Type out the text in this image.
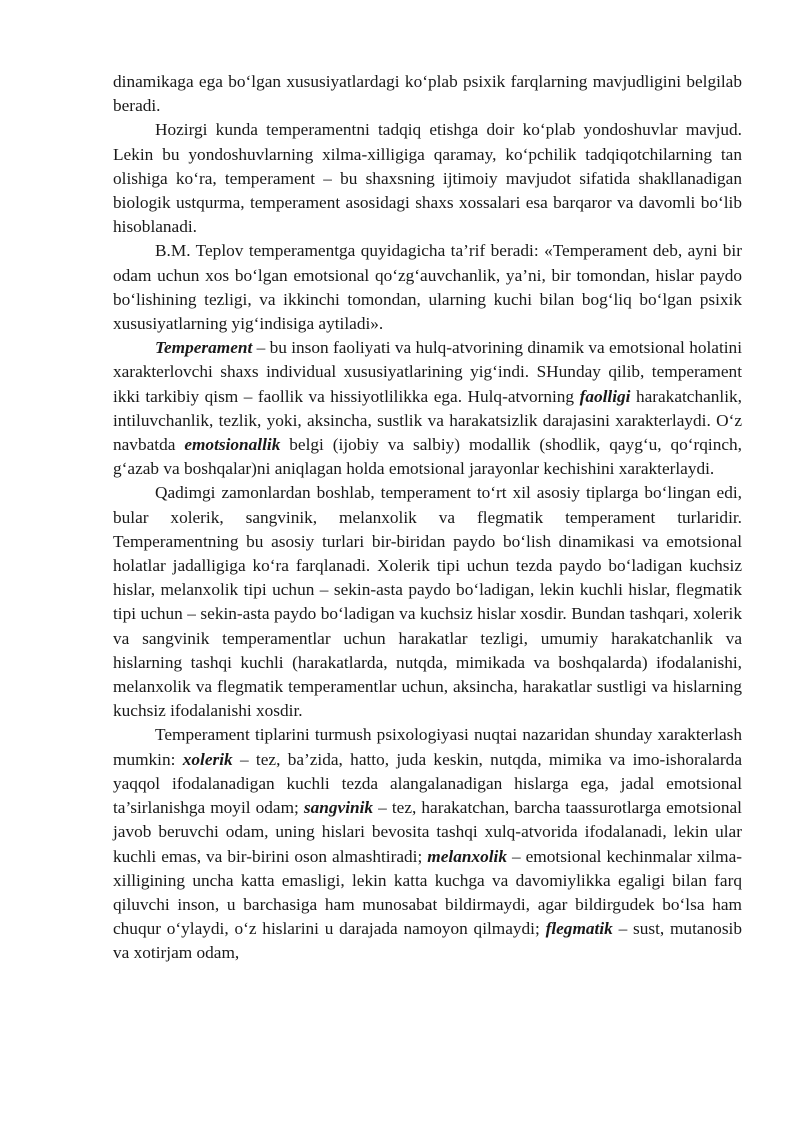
dinamikaga ega bo‘lgan xususiyatlardagi ko‘plab psixik farqlarning mavjudligini belgilab beradi.

Hozirgi kunda temperamentni tadqiq etishga doir ko‘plab yondoshuvlar mavjud. Lekin bu yondoshuvlarning xilma-xilligiga qaramay, ko‘pchilik tadqiqotchilarning tan olishiga ko‘ra, temperament – bu shaxsning ijtimoiy mavjudot sifatida shakllanadigan biologik ustqurma, temperament asosidagi shaxs xossalari esa barqaror va davomli bo‘lib hisoblanadi.

B.M. Teplov temperamentga quyidagicha ta’rif beradi: «Temperament deb, ayni bir odam uchun xos bo‘lgan emotsional qo‘zg‘auvchanlik, ya’ni, bir tomondan, hislar paydo bo‘lishining tezligi, va ikkinchi tomondan, ularning kuchi bilan bog‘liq bo‘lgan psixik xususiyatlarning yig‘indisiga aytiladi».

Temperament – bu inson faoliyati va hulq-atvorining dinamik va emotsional holatini xarakterlovchi shaxs individual xususiyatlarining yig‘indi. SHunday qilib, temperament ikki tarkibiy qism – faollik va hissiyotlilikka ega. Hulq-atvorning faolligi harakatchanlik, intiluvchanlik, tezlik, yoki, aksincha, sustlik va harakatsizlik darajasini xarakterlaydi. O‘z navbatda emotsionallik belgi (ijobiy va salbiy) modallik (shodlik, qayg‘u, qo‘rqinch, g‘azab va boshqalar)ni aniqlagan holda emotsional jarayonlar kechishini xarakterlaydi.

Qadimgi zamonlardan boshlab, temperament to‘rt xil asosiy tiplarga bo‘lingan edi, bular xolerik, sangvinik, melanxolik va flegmatik temperament turlaridir. Temperamentning bu asosiy turlari bir-biridan paydo bo‘lish dinamikasi va emotsional holatlar jadalligiga ko‘ra farqlanadi. Xolerik tipi uchun tezda paydo bo‘ladigan kuchsiz hislar, melanxolik tipi uchun – sekin-asta paydo bo‘ladigan, lekin kuchli hislar, flegmatik tipi uchun – sekin-asta paydo bo‘ladigan va kuchsiz hislar xosdir. Bundan tashqari, xolerik va sangvinik temperamentlar uchun harakatlar tezligi, umumiy harakatchanlik va hislarning tashqi kuchli (harakatlarda, nutqda, mimikada va boshqalarda) ifodalanishi, melanxolik va flegmatik temperamentlar uchun, aksincha, harakatlar sustligi va hislarning kuchsiz ifodalanishi xosdir.

Temperament tiplarini turmush psixologiyasi nuqtai nazaridan shunday xarakterlash mumkin: xolerik – tez, ba’zida, hatto, juda keskin, nutqda, mimika va imo-ishoralarda yaqqol ifodalanadigan kuchli tezda alangalanadigan hislarga ega, jadal emotsional ta’sirlanishga moyil odam; sangvinik – tez, harakatchan, barcha taassurotlarga emotsional javob beruvchi odam, uning hislari bevosita tashqi xulq-atvorida ifodalanadi, lekin ular kuchli emas, va bir-birini oson almashtiradi; melanxolik – emotsional kechinmalar xilma-xilligining uncha katta emasligi, lekin katta kuchga va davomiylikka egaligi bilan farq qiluvchi inson, u barchasiga ham munosabat bildirmaydi, agar bildirgudek bo‘lsa ham chuqur o‘ylaydi, o‘z hislarini u darajada namoyon qilmaydi; flegmatik – sust, mutanosib va xotirjam odam,
